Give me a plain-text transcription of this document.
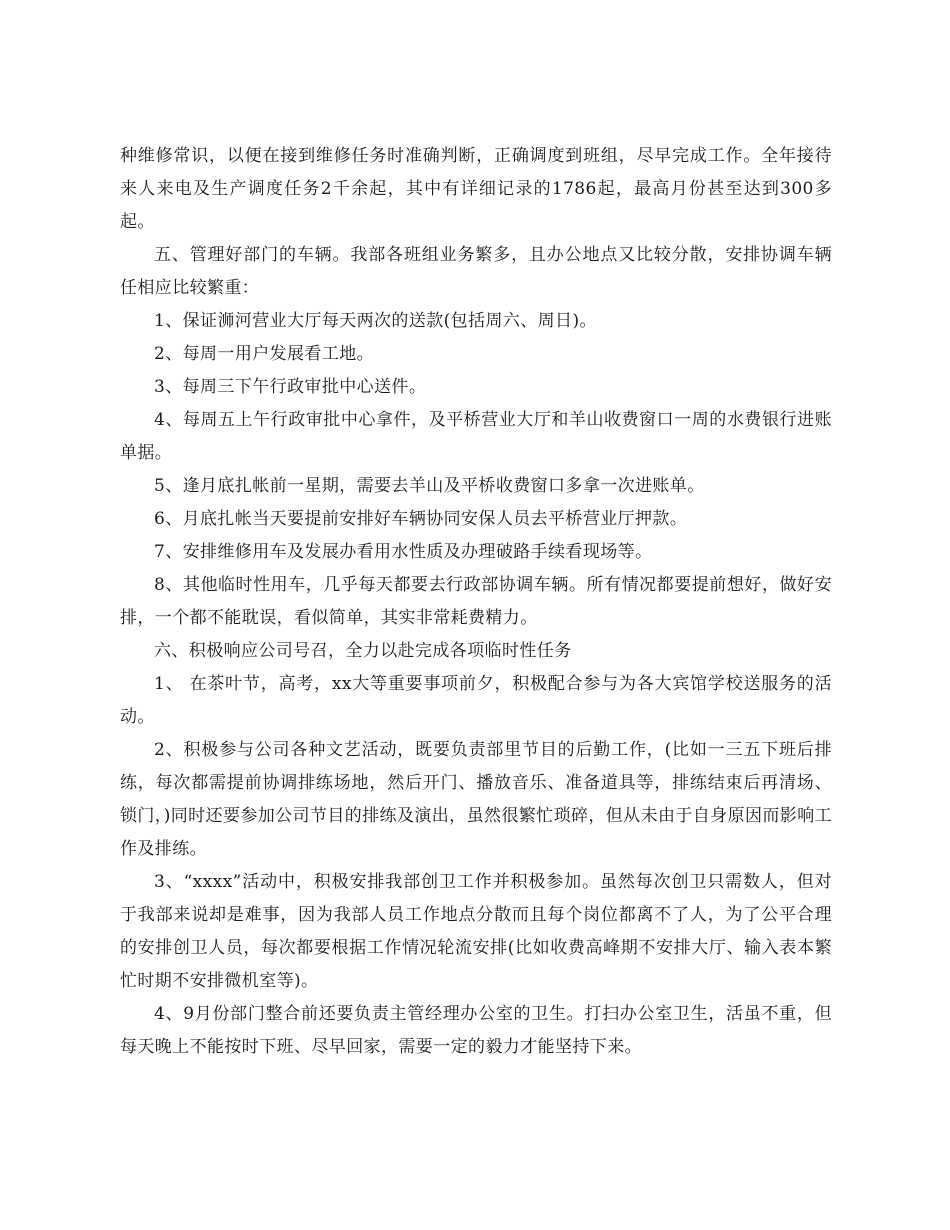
种维修常识，以便在接到维修任务时准确判断，正确调度到班组，尽早完成工作。全年接待来人来电及生产调度任务2千余起，其中有详细记录的1786起，最高月份甚至达到300多起。

五、管理好部门的车辆。我部各班组业务繁多，且办公地点又比较分散，安排协调车辆任相应比较繁重：

1、保证浉河营业大厅每天两次的送款(包括周六、周日)。

2、每周一用户发展看工地。

3、每周三下午行政审批中心送件。

4、每周五上午行政审批中心拿件，及平桥营业大厅和羊山收费窗口一周的水费银行进账单据。

5、逢月底扎帐前一星期，需要去羊山及平桥收费窗口多拿一次进账单。

6、月底扎帐当天要提前安排好车辆协同安保人员去平桥营业厅押款。

7、安排维修用车及发展办看用水性质及办理破路手续看现场等。

8、其他临时性用车，几乎每天都要去行政部协调车辆。所有情况都要提前想好，做好安排，一个都不能耽误，看似简单，其实非常耗费精力。

六、积极响应公司号召，全力以赴完成各项临时性任务

1、 在茶叶节，高考，xx大等重要事项前夕，积极配合参与为各大宾馆学校送服务的活动。

2、积极参与公司各种文艺活动，既要负责部里节目的后勤工作，(比如一三五下班后排练，每次都需提前协调排练场地，然后开门、播放音乐、准备道具等，排练结束后再清场、锁门，)同时还要参加公司节目的排练及演出，虽然很繁忙琐碎，但从未由于自身原因而影响工作及排练。

3、“xxxx”活动中，积极安排我部创卫工作并积极参加。虽然每次创卫只需数人，但对于我部来说却是难事，因为我部人员工作地点分散而且每个岗位都离不了人，为了公平合理的安排创卫人员，每次都要根据工作情况轮流安排(比如收费高峰期不安排大厅、输入表本繁忙时期不安排微机室等)。

4、9月份部门整合前还要负责主管经理办公室的卫生。打扫办公室卫生，活虽不重，但每天晚上不能按时下班、尽早回家，需要一定的毅力才能坚持下来。
